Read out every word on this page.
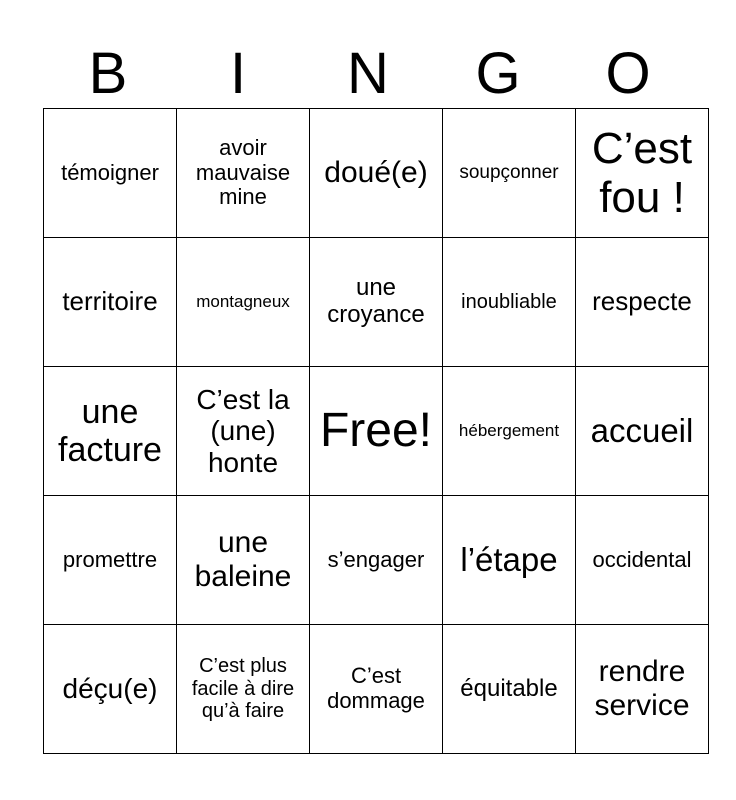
B	I	N	G	O
témoigner	avoir mauvaise mine	doué(e)	soupçonner	C’est fou !
territoire	montagneux	une croyance	inoubliable	respecte
une facture	C’est la (une) honte	Free!	hébergement	accueil
promettre	une baleine	s’engager	l’étape	occidental
déçu(e)	C’est plus facile à dire qu’à faire	C’est dommage	équitable	rendre service
